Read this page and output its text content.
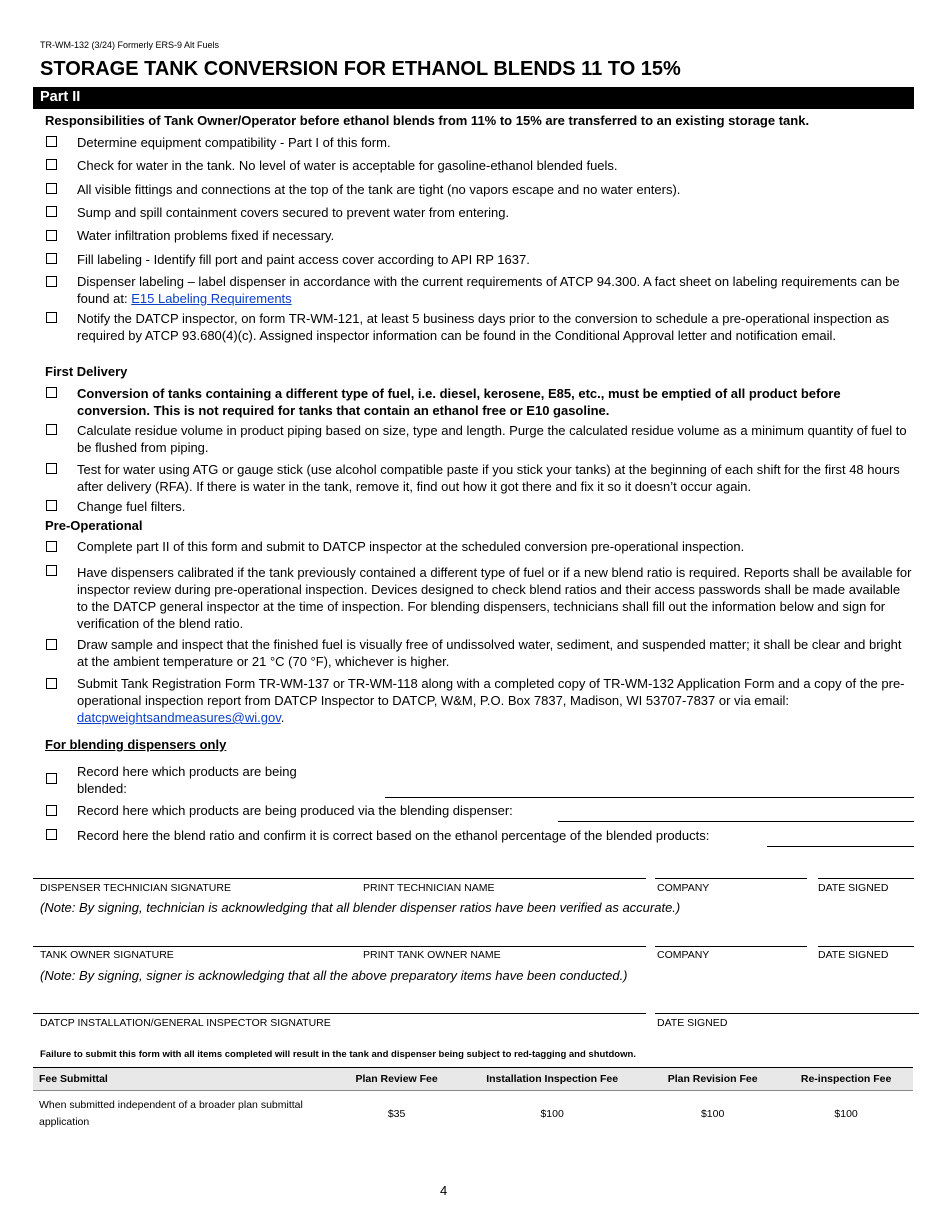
TR-WM-132 (3/24) Formerly ERS-9 Alt Fuels
STORAGE TANK CONVERSION FOR ETHANOL BLENDS 11 TO 15%
Part II
Responsibilities of Tank Owner/Operator before ethanol blends from 11% to 15% are transferred to an existing storage tank.
Determine equipment compatibility - Part I of this form.
Check for water in the tank. No level of water is acceptable for gasoline-ethanol blended fuels.
All visible fittings and connections at the top of the tank are tight (no vapors escape and no water enters).
Sump and spill containment covers secured to prevent water from entering.
Water infiltration problems fixed if necessary.
Fill labeling - Identify fill port and paint access cover according to API RP 1637.
Dispenser labeling – label dispenser in accordance with the current requirements of ATCP 94.300. A fact sheet on labeling requirements can be found at: E15 Labeling Requirements
Notify the DATCP inspector, on form TR-WM-121, at least 5 business days prior to the conversion to schedule a pre-operational inspection as required by ATCP 93.680(4)(c). Assigned inspector information can be found in the Conditional Approval letter and notification email.
First Delivery
Conversion of tanks containing a different type of fuel, i.e. diesel, kerosene, E85, etc., must be emptied of all product before conversion. This is not required for tanks that contain an ethanol free or E10 gasoline.
Calculate residue volume in product piping based on size, type and length. Purge the calculated residue volume as a minimum quantity of fuel to be flushed from piping.
Test for water using ATG or gauge stick (use alcohol compatible paste if you stick your tanks) at the beginning of each shift for the first 48 hours after delivery (RFA). If there is water in the tank, remove it, find out how it got there and fix it so it doesn’t occur again.
Change fuel filters.
Pre-Operational
Complete part II of this form and submit to DATCP inspector at the scheduled conversion pre-operational inspection.
Have dispensers calibrated if the tank previously contained a different type of fuel or if a new blend ratio is required. Reports shall be available for inspector review during pre-operational inspection. Devices designed to check blend ratios and their access passwords shall be made available to the DATCP general inspector at the time of inspection. For blending dispensers, technicians shall fill out the information below and sign for verification of the blend ratio.
Draw sample and inspect that the finished fuel is visually free of undissolved water, sediment, and suspended matter; it shall be clear and bright at the ambient temperature or 21 °C (70 °F), whichever is higher.
Submit Tank Registration Form TR-WM-137 or TR-WM-118 along with a completed copy of TR-WM-132 Application Form and a copy of the pre-operational inspection report from DATCP Inspector to DATCP, W&M, P.O. Box 7837, Madison, WI 53707-7837 or via email: datcpweightsandmeasures@wi.gov.
For blending dispensers only
Record here which products are being blended:
Record here which products are being produced via the blending dispenser:
Record here the blend ratio and confirm it is correct based on the ethanol percentage of the blended products:
DISPENSER TECHNICIAN SIGNATURE	PRINT TECHNICIAN NAME	COMPANY	DATE SIGNED
(Note: By signing, technician is acknowledging that all blender dispenser ratios have been verified as accurate.)
TANK OWNER SIGNATURE	PRINT TANK OWNER NAME	COMPANY	DATE SIGNED
(Note: By signing, signer is acknowledging that all the above preparatory items have been conducted.)
DATCP INSTALLATION/GENERAL INSPECTOR SIGNATURE	DATE SIGNED
Failure to submit this form with all items completed will result in the tank and dispenser being subject to red-tagging and shutdown.
Fee Submittal	Plan Review Fee	Installation Inspection Fee	Plan Revision Fee	Re-inspection Fee
When submitted independent of a broader plan submittal application	$35	$100	$100	$100
4
